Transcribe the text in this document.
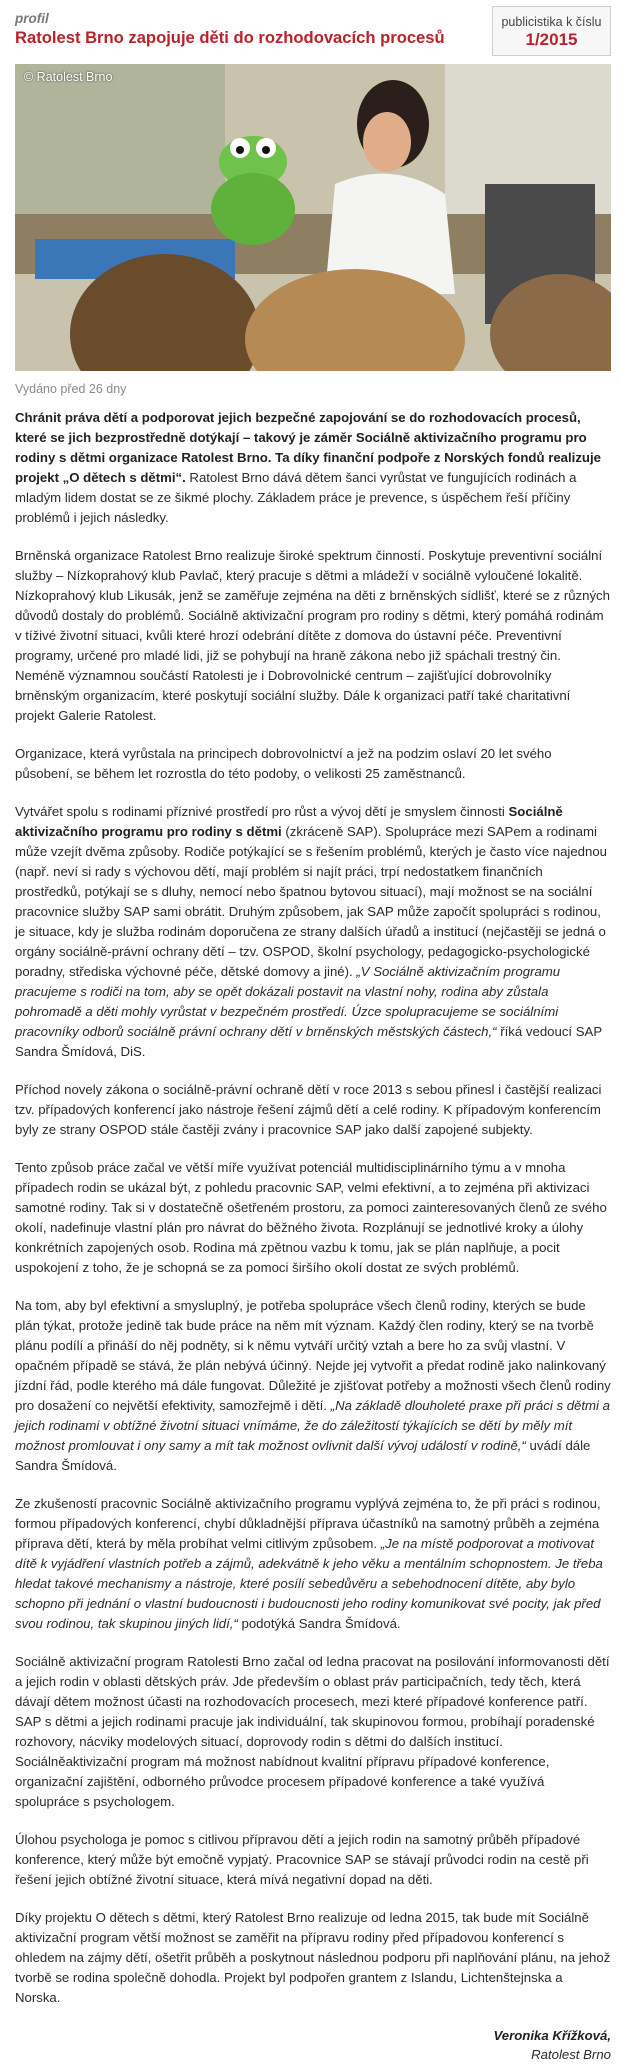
profil
Ratolest Brno zapojuje děti do rozhodovacích procesů
publicistika k číslu
1/2015
© Ratolest Brno
Vydáno před 26 dny

Chránit práva dětí a podporovat jejich bezpečné zapojování se do rozhodovacích procesů, které se jich bezprostředně dotýkají – takový je záměr Sociálně aktivizačního programu pro rodiny s dětmi organizace Ratolest Brno. Ta díky finanční podpoře z Norských fondů realizuje projekt „O dětech s dětmi“. Ratolest Brno dává dětem šanci vyrůstat ve fungujících rodinách a mladým lidem dostat se ze šikmé plochy. Základem práce je prevence, s úspěchem řeší příčiny problémů i jejich následky.

Brněnská organizace Ratolest Brno realizuje široké spektrum činností. Poskytuje preventivní sociální služby – Nízkoprahový klub Pavlač, který pracuje s dětmi a mládeží v sociálně vyloučené lokalitě. Nízkoprahový klub Likusák, jenž se zaměřuje zejména na děti z brněnských sídlišť, které se z různých důvodů dostaly do problémů. Sociálně aktivizační program pro rodiny s dětmi, který pomáhá rodinám v tíživé životní situaci, kvůli které hrozí odebrání dítěte z domova do ústavní péče. Preventivní programy, určené pro mladé lidi, již se pohybují na hraně zákona nebo již spáchali trestný čin. Neméně významnou součástí Ratolesti je i Dobrovolnické centrum – zajišťující dobrovolníky brněnským organizacím, které poskytují sociální služby. Dále k organizaci patří také charitativní projekt Galerie Ratolest.

Organizace, která vyrůstala na principech dobrovolnictví a jež na podzim oslaví 20 let svého působení, se během let rozrostla do této podoby, o velikosti 25 zaměstnanců.

Vytvářet spolu s rodinami příznivé prostředí pro růst a vývoj dětí je smyslem činnosti Sociálně aktivizačního programu pro rodiny s dětmi (zkráceně SAP). Spolupráce mezi SAPem a rodinami může vzejít dvěma způsoby. Rodiče potýkající se s řešením problémů, kterých je často více najednou (např. neví si rady s výchovou dětí, mají problém si najít práci, trpí nedostatkem finančních prostředků, potýkají se s dluhy, nemocí nebo špatnou bytovou situací), mají možnost se na sociální pracovnice služby SAP sami obrátit. Druhým způsobem, jak SAP může započít spolupráci s rodinou, je situace, kdy je služba rodinám doporučena ze strany dalších úřadů a institucí (nejčastěji se jedná o orgány sociálně-právní ochrany dětí – tzv. OSPOD, školní psychology, pedagogicko-psychologické poradny, střediska výchovné péče, dětské domovy a jiné). „V Sociálně aktivizačním programu pracujeme s rodiči na tom, aby se opět dokázali postavit na vlastní nohy, rodina aby zůstala pohromadě a děti mohly vyrůstat v bezpečném prostředí. Úzce spolupracujeme se sociálními pracovníky odborů sociálně právní ochrany dětí v brněnských městských částech,“ říká vedoucí SAP Sandra Šmídová, DiS.

Příchod novely zákona o sociálně-právní ochraně dětí v roce 2013 s sebou přinesl i častější realizaci tzv. případových konferencí jako nástroje řešení zájmů dětí a celé rodiny. K případovým konferencím byly ze strany OSPOD stále častěji zvány i pracovnice SAP jako další zapojené subjekty.

Tento způsob práce začal ve větší míře využívat potenciál multidisciplinárního týmu a v mnoha případech rodin se ukázal být, z pohledu pracovnic SAP, velmi efektivní, a to zejména při aktivizaci samotné rodiny. Tak si v dostatečně ošetřeném prostoru, za pomoci zainteresovaných členů ze svého okolí, nadefinuje vlastní plán pro návrat do běžného života. Rozplánují se jednotlivé kroky a úlohy konkrétních zapojených osob. Rodina má zpětnou vazbu k tomu, jak se plán naplňuje, a pocit uspokojení z toho, že je schopná se za pomoci širšího okolí dostat ze svých problémů.

Na tom, aby byl efektivní a smysluplný, je potřeba spolupráce všech členů rodiny, kterých se bude plán týkat, protože jedině tak bude práce na něm mít význam. Každý člen rodiny, který se na tvorbě plánu podílí a přináší do něj podněty, si k němu vytváří určitý vztah a bere ho za svůj vlastní. V opačném případě se stává, že plán nebývá účinný. Nejde jej vytvořit a předat rodině jako nalinkovaný jízdní řád, podle kterého má dále fungovat. Důležité je zjišťovat potřeby a možnosti všech členů rodiny pro dosažení co největší efektivity, samozřejmě i dětí. „Na základě dlouholeté praxe při práci s dětmi a jejich rodinami v obtížné životní situaci vnímáme, že do záležitostí týkajících se dětí by měly mít možnost promlouvat i ony samy a mít tak možnost ovlivnit další vývoj událostí v rodině,“ uvádí dále Sandra Šmídová.

Ze zkušeností pracovnic Sociálně aktivizačního programu vyplývá zejména to, že při práci s rodinou, formou případových konferencí, chybí důkladnější příprava účastníků na samotný průběh a zejména příprava dětí, která by měla probíhat velmi citlivým způsobem. „Je na místě podporovat a motivovat dítě k vyjádření vlastních potřeb a zájmů, adekvátně k jeho věku a mentálním schopnostem. Je třeba hledat takové mechanismy a nástroje, které posílí sebedůvěru a sebehodnocení dítěte, aby bylo schopno při jednání o vlastní budoucnosti i budoucnosti jeho rodiny komunikovat své pocity, jak před svou rodinou, tak skupinou jiných lidí,“ podotýká Sandra Šmídová.

Sociálně aktivizační program Ratolesti Brno začal od ledna pracovat na posilování informovanosti dětí a jejich rodin v oblasti dětských práv. Jde především o oblast práv participačních, tedy těch, která dávají dětem možnost účasti na rozhodovacích procesech, mezi které případové konference patří. SAP s dětmi a jejich rodinami pracuje jak individuální, tak skupinovou formou, probíhají poradenské rozhovory, nácviky modelových situací, doprovody rodin s dětmi do dalších institucí. Sociálněaktivizační program má možnost nabídnout kvalitní přípravu případové konference, organizační zajištění, odborného průvodce procesem případové konference a také využívá spolupráce s psychologem.

Úlohou psychologa je pomoc s citlivou přípravou dětí a jejich rodin na samotný průběh případové konference, který může být emočně vypjatý. Pracovnice SAP se stávají průvodci rodin na cestě při řešení jejich obtížné životní situace, která mívá negativní dopad na děti.

Díky projektu O dětech s dětmi, který Ratolest Brno realizuje od ledna 2015, tak bude mít Sociálně aktivizační program větší možnost se zaměřit na přípravu rodiny před případovou konferencí s ohledem na zájmy dětí, ošetřit průběh a poskytnout následnou podporu při naplňování plánu, na jehož tvorbě se rodina společně dohodla. Projekt byl podpořen grantem z Islandu, Lichtenštejnska a Norska.

Veronika Křížková,
Ratolest Brno
